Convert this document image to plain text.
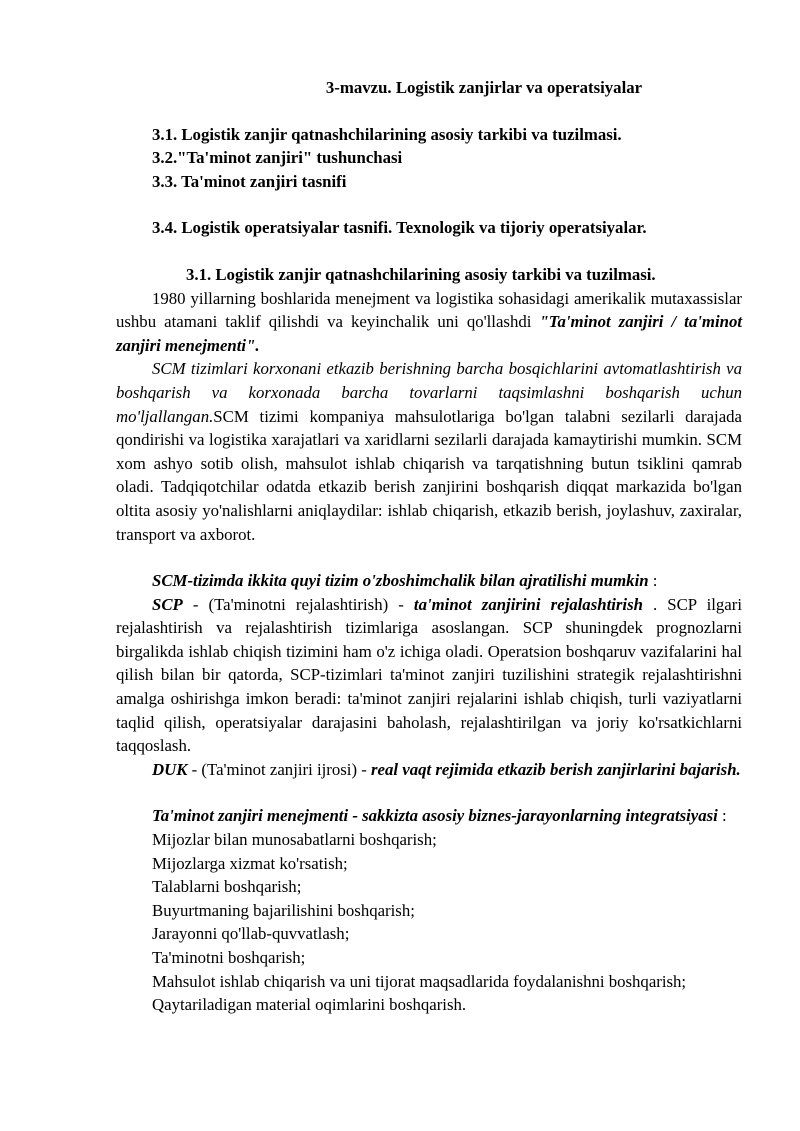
3-mavzu. Logistik zanjirlar va operatsiyalar
3.1. Logistik zanjir qatnashchilarining asosiy tarkibi va tuzilmasi.
3.2."Ta'minot zanjiri" tushunchasi
3.3. Ta'minot zanjiri tasnifi
3.4. Logistik operatsiyalar tasnifi. Texnologik va tijoriy operatsiyalar.
3.1. Logistik zanjir qatnashchilarining asosiy tarkibi va tuzilmasi.

1980 yillarning boshlarida menejment va logistika sohasidagi amerikalik mutaxassislar ushbu atamani taklif qilishdi va keyinchalik uni qo'llashdi "Ta'minot zanjiri / ta'minot zanjiri menejmenti".

SCM tizimlari korxonani etkazib berishning barcha bosqichlarini avtomatlashtirish va boshqarish va korxonada barcha tovarlarni taqsimlashni boshqarish uchun mo'ljallangan.SCM tizimi kompaniya mahsulotlariga bo'lgan talabni sezilarli darajada qondirishi va logistika xarajatlari va xaridlarni sezilarli darajada kamaytirishi mumkin. SCM xom ashyo sotib olish, mahsulot ishlab chiqarish va tarqatishning butun tsiklini qamrab oladi. Tadqiqotchilar odatda etkazib berish zanjirini boshqarish diqqat markazida bo'lgan oltita asosiy yo'nalishlarni aniqlaydilar: ishlab chiqarish, etkazib berish, joylashuv, zaxiralar, transport va axborot.

SCM-tizimda ikkita quyi tizim o'zboshimchalik bilan ajratilishi mumkin :

SCP - (Ta'minotni rejalashtirish) - ta'minot zanjirini rejalashtirish . SCP ilgari rejalashtirish va rejalashtirish tizimlariga asoslangan. SCP shuningdek prognozlarni birgalikda ishlab chiqish tizimini ham o'z ichiga oladi. Operatsion boshqaruv vazifalarini hal qilish bilan bir qatorda, SCP-tizimlari ta'minot zanjiri tuzilishini strategik rejalashtirishni amalga oshirishga imkon beradi: ta'minot zanjiri rejalarini ishlab chiqish, turli vaziyatlarni taqlid qilish, operatsiyalar darajasini baholash, rejalashtirilgan va joriy ko'rsatkichlarni taqqoslash.

DUK - (Ta'minot zanjiri ijrosi) - real vaqt rejimida etkazib berish zanjirlarini bajarish.

Ta'minot zanjiri menejmenti - sakkizta asosiy biznes-jarayonlarning integratsiyasi :

Mijozlar bilan munosabatlarni boshqarish;

Mijozlarga xizmat ko'rsatish;

Talablarni boshqarish;

Buyurtmaning bajarilishini boshqarish;

Jarayonni qo'llab-quvvatlash;

Ta'minotni boshqarish;

Mahsulot ishlab chiqarish va uni tijorat maqsadlarida foydalanishni boshqarish;

Qaytariladigan material oqimlarini boshqarish.
